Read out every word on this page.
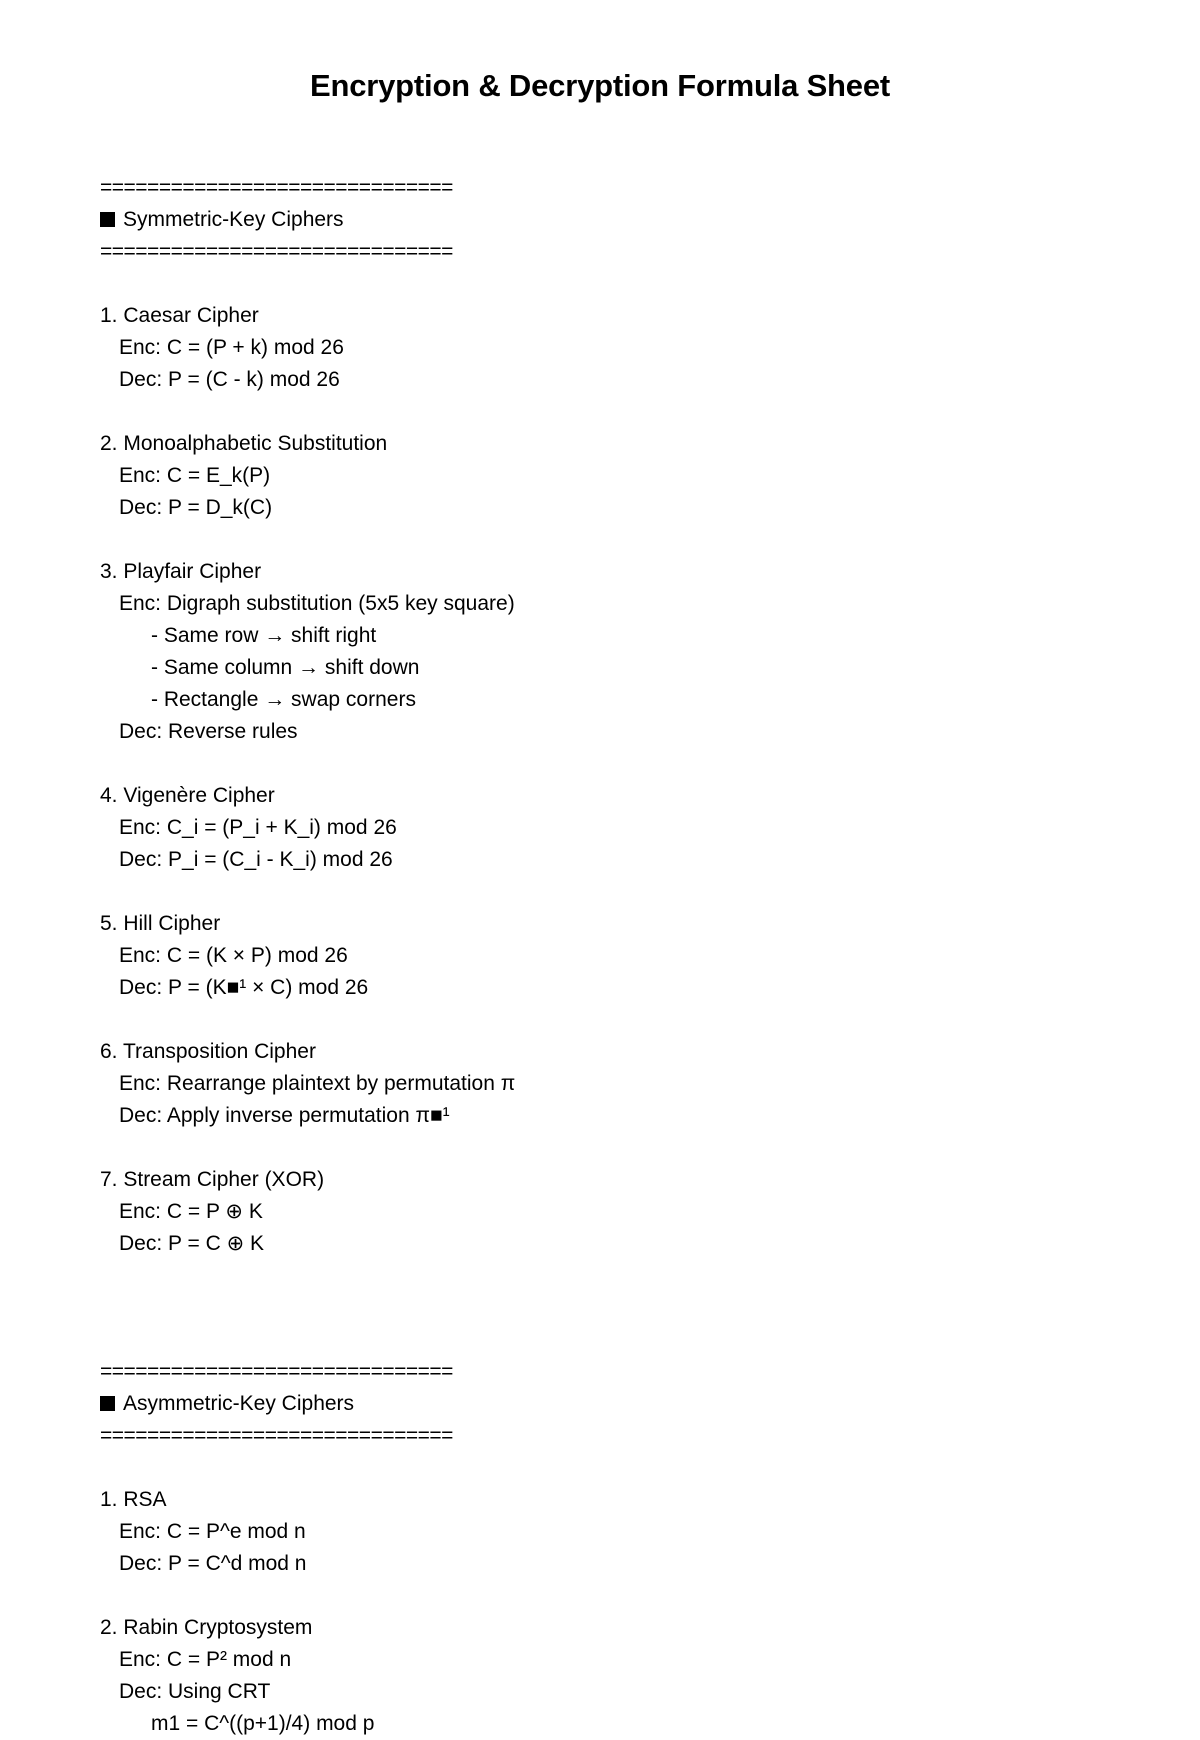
Encryption & Decryption Formula Sheet
==============================
Symmetric-Key Ciphers
==============================
1. Caesar Cipher
Enc: C = (P + k) mod 26
Dec: P = (C - k) mod 26
2. Monoalphabetic Substitution
Enc: C = E_k(P)
Dec: P = D_k(C)
3. Playfair Cipher
Enc: Digraph substitution (5x5 key square)
- Same row → shift right
- Same column → shift down
- Rectangle → swap corners
Dec: Reverse rules
4. Vigenère Cipher
Enc: C_i = (P_i + K_i) mod 26
Dec: P_i = (C_i - K_i) mod 26
5. Hill Cipher
Enc: C = (K × P) mod 26
Dec: P = (K■¹ × C) mod 26
6. Transposition Cipher
Enc: Rearrange plaintext by permutation π
Dec: Apply inverse permutation π■¹
7. Stream Cipher (XOR)
Enc: C = P ⊕ K
Dec: P = C ⊕ K
==============================
Asymmetric-Key Ciphers
==============================
1. RSA
Enc: C = P^e mod n
Dec: P = C^d mod n
2. Rabin Cryptosystem
Enc: C = P² mod n
Dec: Using CRT
m1 = C^((p+1)/4) mod p
